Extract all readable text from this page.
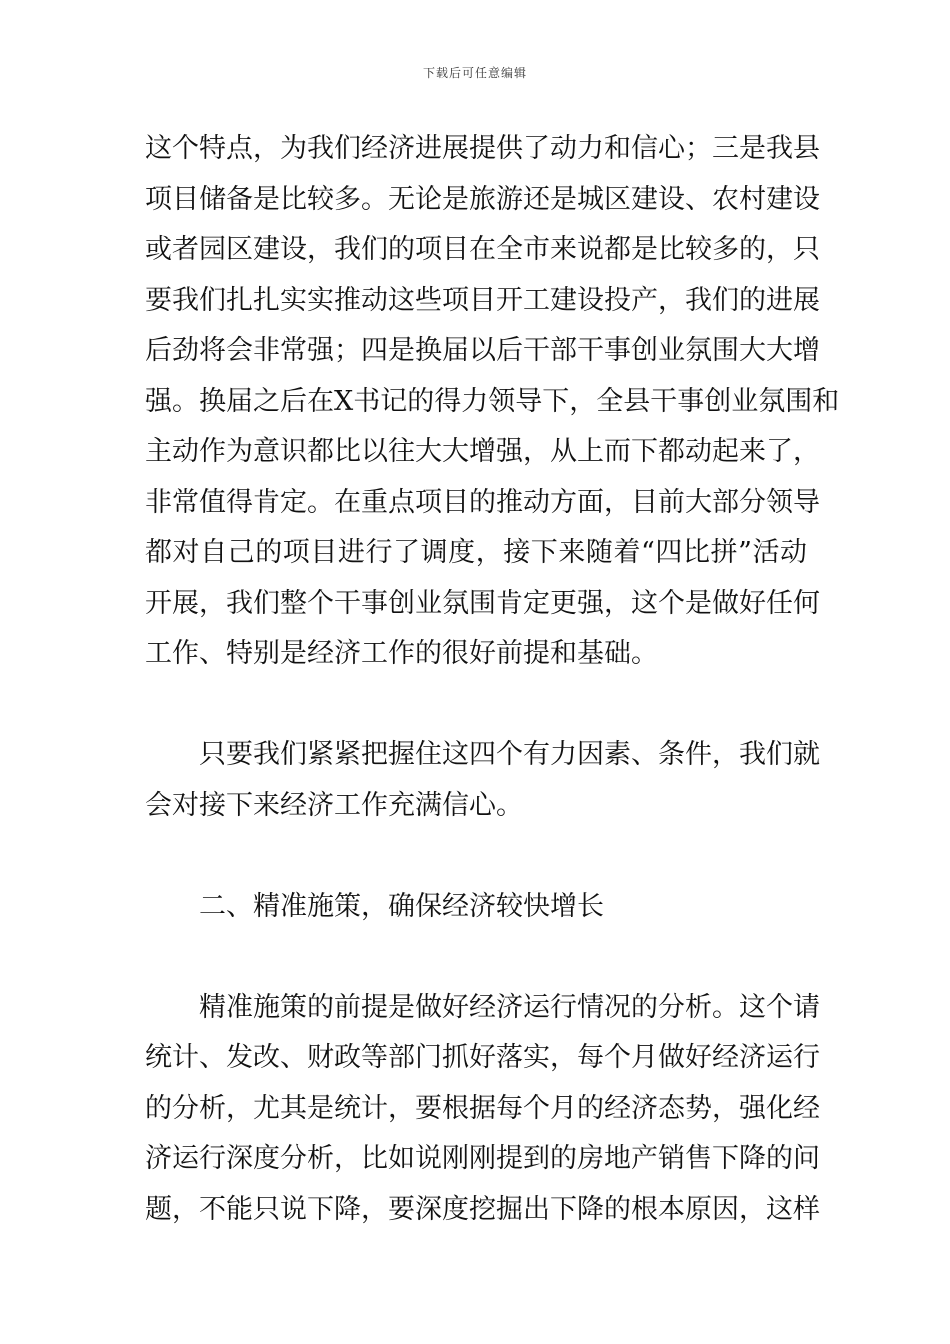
下载后可任意编辑
这个特点，为我们经济进展提供了动力和信心；三是我县
项目储备是比较多。无论是旅游还是城区建设、农村建设
或者园区建设，我们的项目在全市来说都是比较多的，只
要我们扎扎实实推动这些项目开工建设投产，我们的进展
后劲将会非常强；四是换届以后干部干事创业氛围大大增
强。换届之后在X书记的得力领导下，全县干事创业氛围和
主动作为意识都比以往大大增强，从上而下都动起来了，
非常值得肯定。在重点项目的推动方面，目前大部分领导
都对自己的项目进行了调度，接下来随着“四比拼”活动
开展，我们整个干事创业氛围肯定更强，这个是做好任何
工作、特别是经济工作的很好前提和基础。
只要我们紧紧把握住这四个有力因素、条件，我们就
会对接下来经济工作充满信心。
二、精准施策，确保经济较快增长
精准施策的前提是做好经济运行情况的分析。这个请
统计、发改、财政等部门抓好落实，每个月做好经济运行
的分析，尤其是统计，要根据每个月的经济态势，强化经
济运行深度分析，比如说刚刚提到的房地产销售下降的问
题，不能只说下降，要深度挖掘出下降的根本原因，这样
